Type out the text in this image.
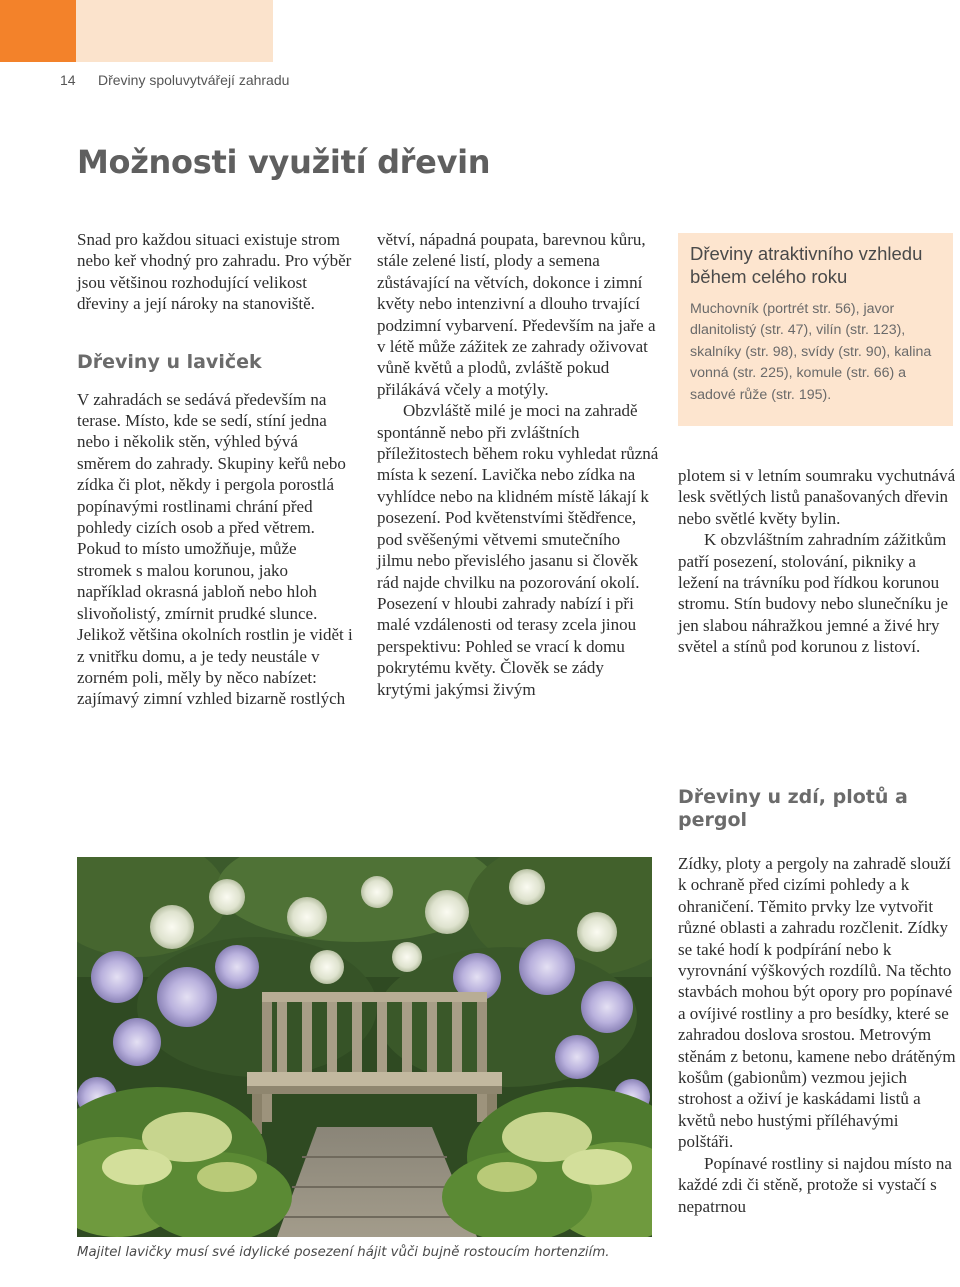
14 Dřeviny spoluvytvářejí zahradu
Možnosti využití dřevin

Snad pro každou situaci existuje strom nebo keř vhodný pro zahradu. Pro výběr jsou většinou rozhodující velikost dřeviny a její nároky na stanoviště.

Dřeviny u laviček

V zahradách se sedává především na terase. Místo, kde se sedí, stíní jedna nebo i několik stěn, výhled bývá směrem do zahrady. Skupiny keřů nebo zídka či plot, někdy i pergola porostlá popínavými rostlinami chrání před pohledy cizích osob a před větrem. Pokud to místo umožňuje, může stromek s malou korunou, jako například okrasná jabloň nebo hloh slivoňolistý, zmírnit prudké slunce. Jelikož většina okolních rostlin je vidět i z vnitřku domu, a je tedy neustále v zorném poli, měly by něco nabízet: zajímavý zimní vzhled bizarně rostlých

větví, nápadná poupata, barevnou kůru, stále zelené listí, plody a semena zůstávající na větvích, dokonce i zimní květy nebo intenzivní a dlouho trvající podzimní vybarvení. Především na jaře a v létě může zážitek ze zahrady oživovat vůně květů a plodů, zvláště pokud přilákává včely a motýly.

Obzvláště milé je moci na zahradě spontánně nebo při zvláštních příležitostech během roku vyhledat různá místa k sezení. Lavička nebo zídka na vyhlídce nebo na klidném místě lákají k posezení. Pod květenstvími štědřence, pod svěšenými větvemi smutečního jilmu nebo převislého jasanu si člověk rád najde chvilku na pozorování okolí. Posezení v hloubi zahrady nabízí i při malé vzdálenosti od terasy zcela jinou perspektivu: Pohled se vrací k domu pokrytému květy. Člověk se zády krytými jakýmsi živým

Dřeviny atraktivního vzhledu během celého roku
Muchovník (portrét str. 56), javor dlanitolistý (str. 47), vilín (str. 123), skalníky (str. 98), svídy (str. 90), kalina vonná (str. 225), komule (str. 66) a sadové růže (str. 195).

plotem si v letním soumraku vychutnává lesk světlých listů panašovaných dřevin nebo světlé květy bylin.

K obzvláštním zahradním zážitkům patří posezení, stolování, pikniky a ležení na trávníku pod řídkou korunou stromu. Stín budovy nebo slunečníku je jen slabou náhražkou jemné a živé hry světel a stínů pod korunou z listoví.

Dřeviny u zdí, plotů a pergol

Zídky, ploty a pergoly na zahradě slouží k ochraně před cizími pohledy a k ohraničení. Těmito prvky lze vytvořit různé oblasti a zahradu rozčlenit. Zídky se také hodí k podpírání nebo k vyrovnání výškových rozdílů. Na těchto stavbách mohou být opory pro popínavé a ovíjivé rostliny a pro besídky, které se zahradou doslova srostou. Metrovým stěnám z betonu, kamene nebo drátěným košům (gabionům) vezmou jejich strohost a oživí je kaskádami listů a květů nebo hustými příléhavými polštáři.

Popínavé rostliny si najdou místo na každé zdi či stěně, protože si vystačí s nepatrnou

Majitel lavičky musí své idylické posezení hájit vůči bujně rostoucím hortenziím.
